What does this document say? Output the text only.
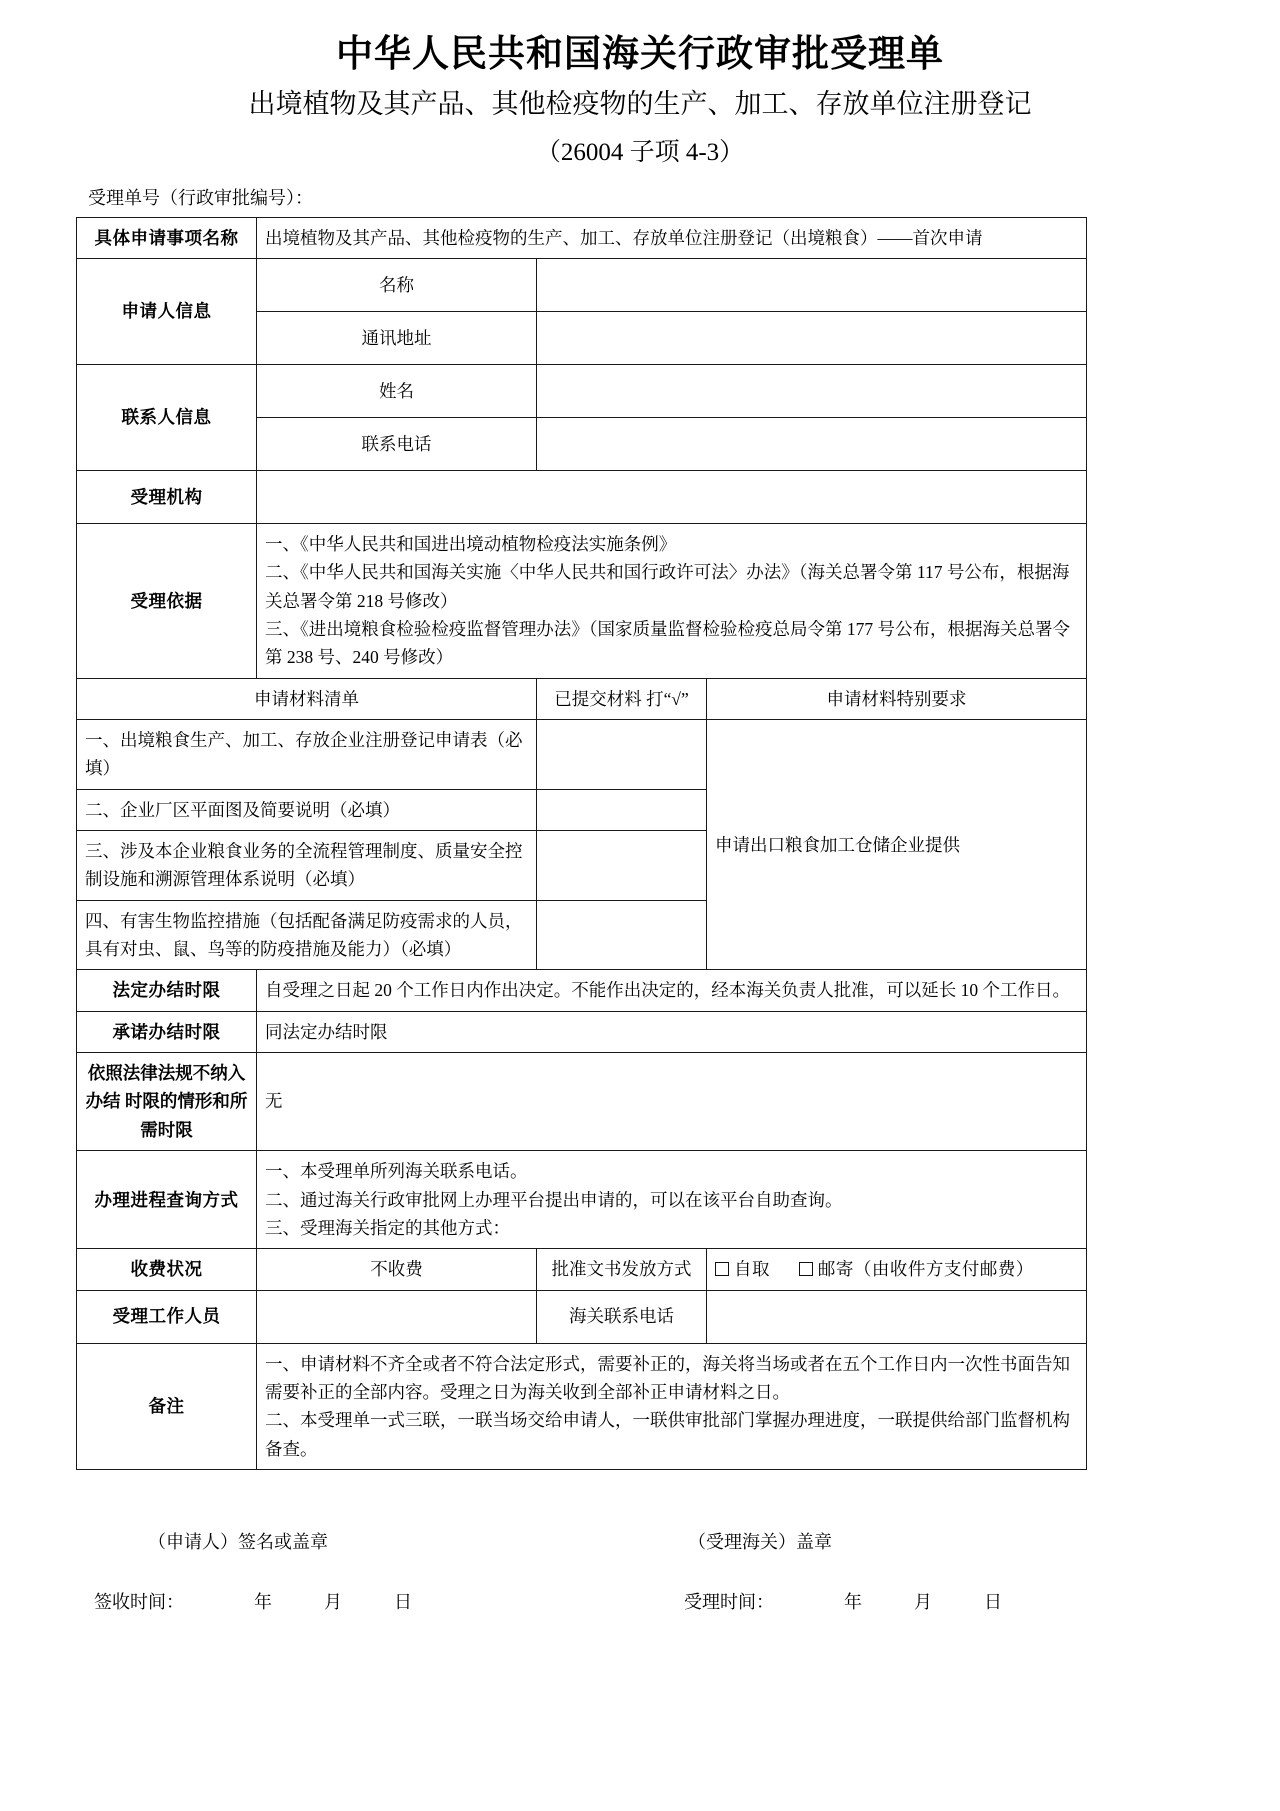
中华人民共和国海关行政审批受理单
出境植物及其产品、其他检疫物的生产、加工、存放单位注册登记
（26004 子项 4-3）
受理单号（行政审批编号）：
具体申请事项名称	出境植物及其产品、其他检疫物的生产、加工、存放单位注册登记（出境粮食）——首次申请		
申请人信息	名称		
	通讯地址		
联系人信息	姓名		
	联系电话		
受理机构			
受理依据	一、《中华人民共和国进出境动植物检疫法实施条例》
二、《中华人民共和国海关实施〈中华人民共和国行政许可法〉办法》（海关总署令第 117 号公布，根据海关总署令第 218 号修改）
三、《进出境粮食检验检疫监督管理办法》（国家质量监督检验检疫总局令第 177 号公布，根据海关总署令第 238 号、240 号修改）		

申请材料清单		已提交材料 打“√”	申请材料特别要求
一、出境粮食生产、加工、存放企业注册登记申请表（必填）			申请出口粮食加工仓储企业提供
二、企业厂区平面图及简要说明（必填）			
三、涉及本企业粮食业务的全流程管理制度、质量安全控制设施和溯源管理体系说明（必填）			
四、有害生物监控措施（包括配备满足防疫需求的人员，具有对虫、鼠、鸟等的防疫措施及能力）（必填）			
法定办结时限	自受理之日起 20 个工作日内作出决定。不能作出决定的，经本海关负责人批准，可以延长 10 个工作日。		
承诺办结时限	同法定办结时限		
依照法律法规不纳入办结 时限的情形和所需时限	无		
办理进程查询方式	一、本受理单所列海关联系电话。
二、通过海关行政审批网上办理平台提出申请的，可以在该平台自助查询。
三、受理海关指定的其他方式：		

收费状况	不收费	批准文书发放方式	自取 邮寄（由收件方支付邮费）
受理工作人员		海关联系电话	
备注	一、申请材料不齐全或者不符合法定形式，需要补正的，海关将当场或者在五个工作日内一次性书面告知需要补正的全部内容。受理之日为海关收到全部补正申请材料之日。
二、本受理单一式三联，一联当场交给申请人，一联供审批部门掌握办理进度，一联提供给部门监督机构备查。		
（申请人）签名或盖章	（受理海关）盖章
签收时间：	年	月	日	受理时间：	年	月	日
